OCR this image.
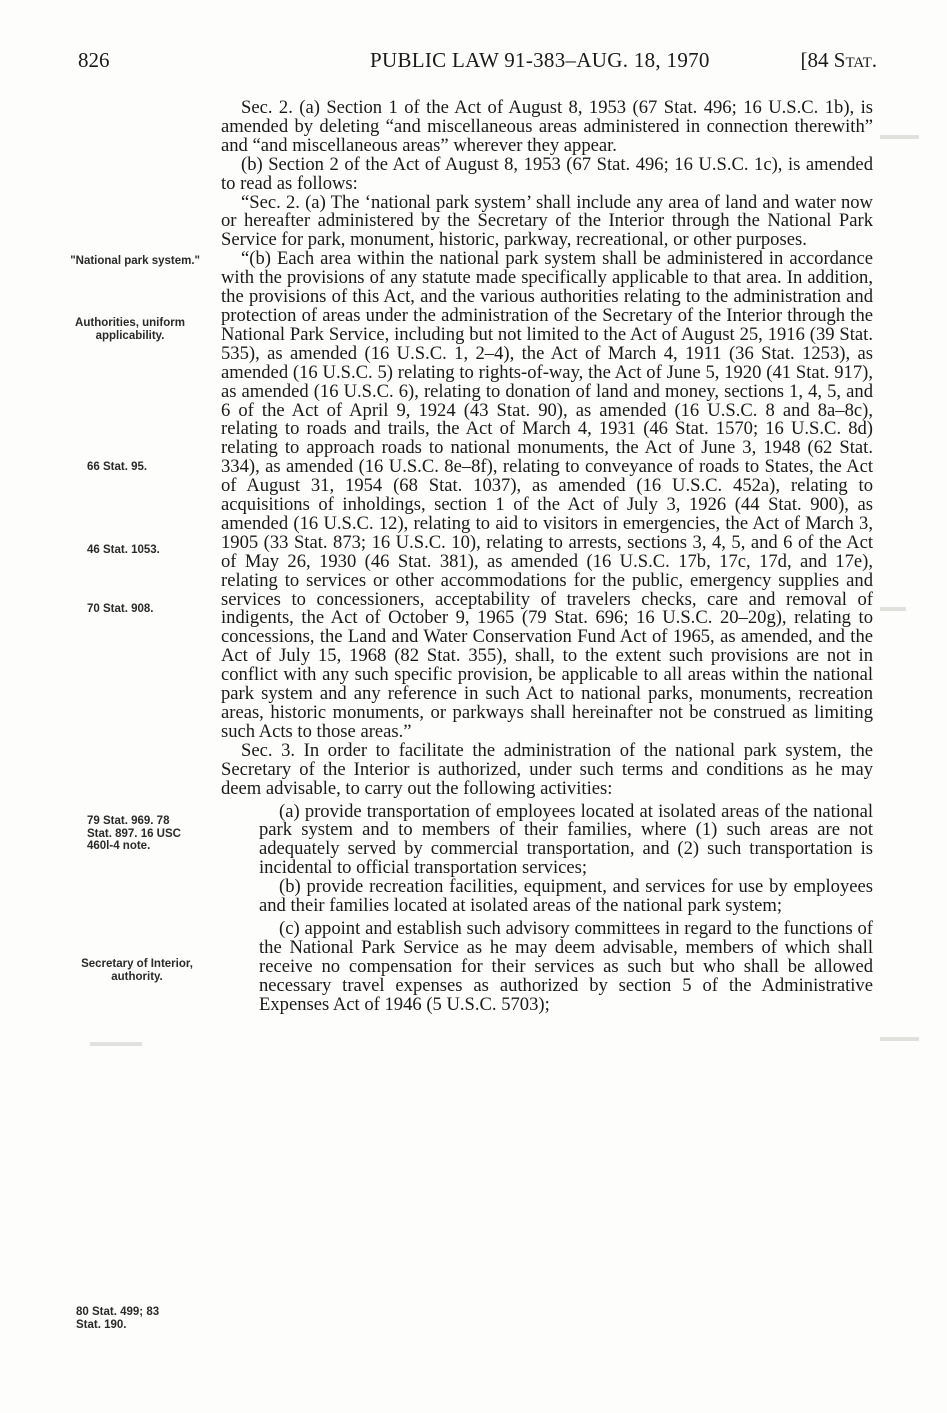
▬▬▬
▬▬
▬▬▬
▬▬▬▬
826	PUBLIC LAW 91-383–AUG. 18, 1970	[84 Stat.
"National park system."
Authorities, uniform applicability.
66 Stat. 95.
46 Stat. 1053.
70 Stat. 908.
79 Stat. 969. 78 Stat. 897. 16 USC 460l-4 note.
Secretary of Interior, authority.
80 Stat. 499; 83 Stat. 190.

Sec. 2. (a) Section 1 of the Act of August 8, 1953 (67 Stat. 496; 16 U.S.C. 1b), is amended by deleting “and miscellaneous areas administered in connection therewith” and “and miscellaneous areas” wherever they appear.

(b) Section 2 of the Act of August 8, 1953 (67 Stat. 496; 16 U.S.C. 1c), is amended to read as follows:

“Sec. 2. (a) The ‘national park system’ shall include any area of land and water now or hereafter administered by the Secretary of the Interior through the National Park Service for park, monument, historic, parkway, recreational, or other purposes.

“(b) Each area within the national park system shall be administered in accordance with the provisions of any statute made specifically applicable to that area. In addition, the provisions of this Act, and the various authorities relating to the administration and protection of areas under the administration of the Secretary of the Interior through the National Park Service, including but not limited to the Act of August 25, 1916 (39 Stat. 535), as amended (16 U.S.C. 1, 2–4), the Act of March 4, 1911 (36 Stat. 1253), as amended (16 U.S.C. 5) relating to rights-of-way, the Act of June 5, 1920 (41 Stat. 917), as amended (16 U.S.C. 6), relating to donation of land and money, sections 1, 4, 5, and 6 of the Act of April 9, 1924 (43 Stat. 90), as amended (16 U.S.C. 8 and 8a–8c), relating to roads and trails, the Act of March 4, 1931 (46 Stat. 1570; 16 U.S.C. 8d) relating to approach roads to national monuments, the Act of June 3, 1948 (62 Stat. 334), as amended (16 U.S.C. 8e–8f), relating to conveyance of roads to States, the Act of August 31, 1954 (68 Stat. 1037), as amended (16 U.S.C. 452a), relating to acquisitions of inholdings, section 1 of the Act of July 3, 1926 (44 Stat. 900), as amended (16 U.S.C. 12), relating to aid to visitors in emergencies, the Act of March 3, 1905 (33 Stat. 873; 16 U.S.C. 10), relating to arrests, sections 3, 4, 5, and 6 of the Act of May 26, 1930 (46 Stat. 381), as amended (16 U.S.C. 17b, 17c, 17d, and 17e), relating to services or other accommodations for the public, emergency supplies and services to concessioners, acceptability of travelers checks, care and removal of indigents, the Act of October 9, 1965 (79 Stat. 696; 16 U.S.C. 20–20g), relating to concessions, the Land and Water Conservation Fund Act of 1965, as amended, and the Act of July 15, 1968 (82 Stat. 355), shall, to the extent such provisions are not in conflict with any such specific provision, be applicable to all areas within the national park system and any reference in such Act to national parks, monuments, recreation areas, historic monuments, or parkways shall hereinafter not be construed as limiting such Acts to those areas.”

Sec. 3. In order to facilitate the administration of the national park system, the Secretary of the Interior is authorized, under such terms and conditions as he may deem advisable, to carry out the following activities:

(a) provide transportation of employees located at isolated areas of the national park system and to members of their families, where (1) such areas are not adequately served by commercial transportation, and (2) such transportation is incidental to official transportation services;

(b) provide recreation facilities, equipment, and services for use by employees and their families located at isolated areas of the national park system;

(c) appoint and establish such advisory committees in regard to the functions of the National Park Service as he may deem advisable, members of which shall receive no compensation for their services as such but who shall be allowed necessary travel expenses as authorized by section 5 of the Administrative Expenses Act of 1946 (5 U.S.C. 5703);
